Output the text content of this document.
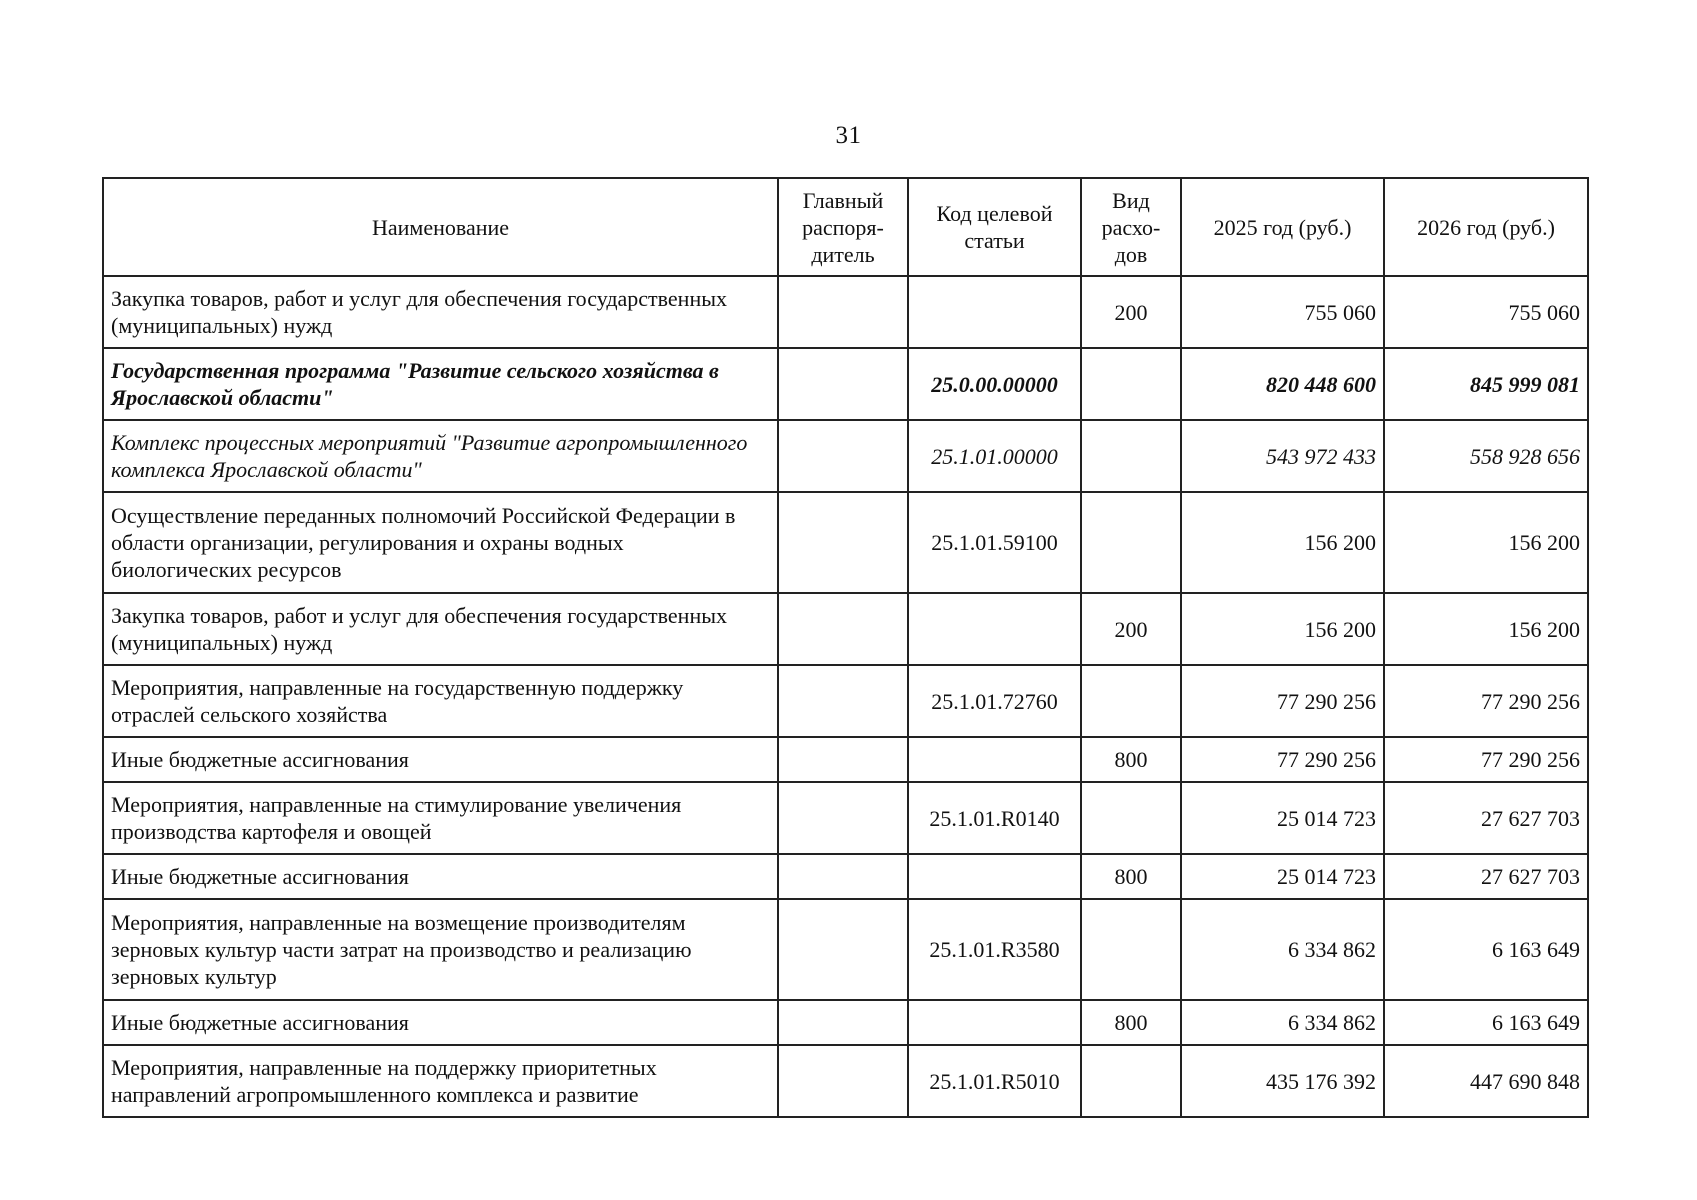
31
Наименование	Главный распоря-дитель	Код целевой статьи	Вид расхо-дов	2025 год (руб.)	2026 год (руб.)
Закупка товаров, работ и услуг для обеспечения государственных (муниципальных) нужд			200	755 060	755 060
Государственная программа "Развитие сельского хозяйства в Ярославской области"		25.0.00.00000		820 448 600	845 999 081
Комплекс процессных мероприятий "Развитие агропромышленного комплекса Ярославской области"		25.1.01.00000		543 972 433	558 928 656
Осуществление переданных полномочий Российской Федерации в области организации, регулирования и охраны водных биологических ресурсов		25.1.01.59100		156 200	156 200
Закупка товаров, работ и услуг для обеспечения государственных (муниципальных) нужд			200	156 200	156 200
Мероприятия, направленные на государственную поддержку отраслей сельского хозяйства		25.1.01.72760		77 290 256	77 290 256
Иные бюджетные ассигнования			800	77 290 256	77 290 256
Мероприятия, направленные на стимулирование увеличения производства картофеля и овощей		25.1.01.R0140		25 014 723	27 627 703
Иные бюджетные ассигнования			800	25 014 723	27 627 703
Мероприятия, направленные на возмещение производителям зерновых культур части затрат на производство и реализацию зерновых культур		25.1.01.R3580		6 334 862	6 163 649
Иные бюджетные ассигнования			800	6 334 862	6 163 649
Мероприятия, направленные на поддержку приоритетных направлений агропромышленного комплекса и развитие		25.1.01.R5010		435 176 392	447 690 848
